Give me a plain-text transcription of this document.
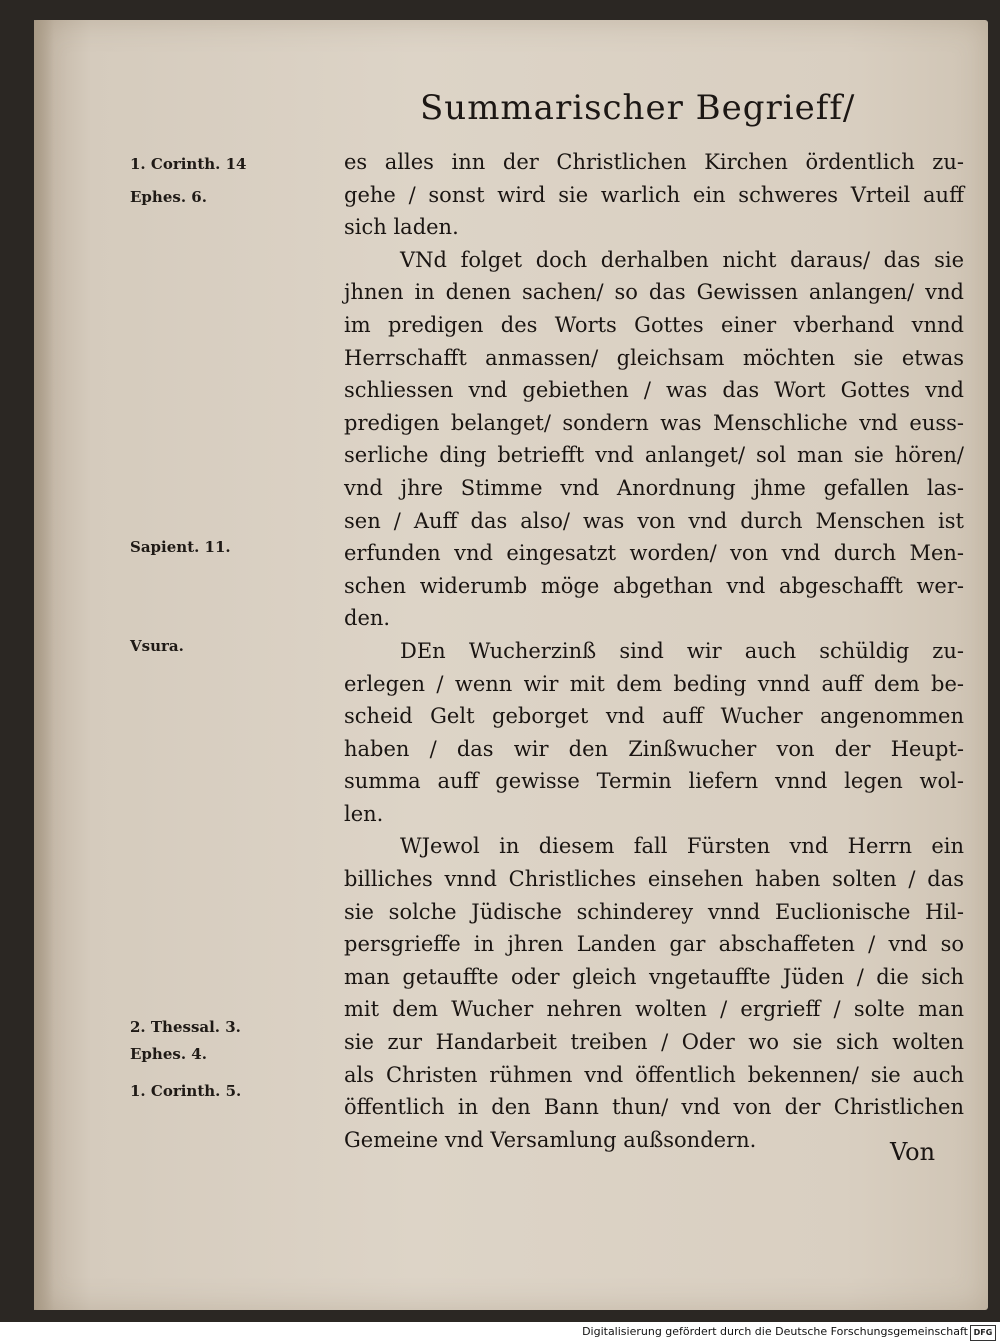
Summarischer Begrieff/
1. Corinth. 14
Ephes. 6.
Sapient. 11.
Vsura.
2. Thessal. 3.
Ephes. 4.
1. Corinth. 5.
es alles inn der Christlichen Kirchen ördentlich zu-
gehe / sonst wird sie warlich ein schweres Vrteil auff
sich laden.
VNd folget doch derhalben nicht daraus/ das sie
jhnen in denen sachen/ so das Gewissen anlangen/ vnd
im predigen des Worts Gottes einer vberhand vnnd
Herrschafft anmassen/ gleichsam möchten sie etwas
schliessen vnd gebiethen / was das Wort Gottes vnd
predigen belanget/ sondern was Menschliche vnd euss-
serliche ding betriefft vnd anlanget/ sol man sie hören/
vnd jhre Stimme vnd Anordnung jhme gefallen las-
sen / Auff das also/ was von vnd durch Menschen ist
erfunden vnd eingesatzt worden/ von vnd durch Men-
schen widerumb möge abgethan vnd abgeschafft wer-
den.
DEn Wucherzinß sind wir auch schüldig zu-
erlegen / wenn wir mit dem beding vnnd auff dem be-
scheid Gelt geborget vnd auff Wucher angenommen
haben / das wir den Zinßwucher von der Heupt-
summa auff gewisse Termin liefern vnnd legen wol-
len.
WJewol in diesem fall Fürsten vnd Herrn ein
billiches vnnd Christliches einsehen haben solten / das
sie solche Jüdische schinderey vnnd Euclionische Hil-
persgrieffe in jhren Landen gar abschaffeten / vnd so
man getauffte oder gleich vngetauffte Jüden / die sich
mit dem Wucher nehren wolten / ergrieff / solte man
sie zur Handarbeit treiben / Oder wo sie sich wolten
als Christen rühmen vnd öffentlich bekennen/ sie auch
öffentlich in den Bann thun/ vnd von der Christlichen
Gemeine vnd Versamlung außsondern.	Von
Digitalisierung gefördert durch die Deutsche Forschungsgemeinschaft DFG
